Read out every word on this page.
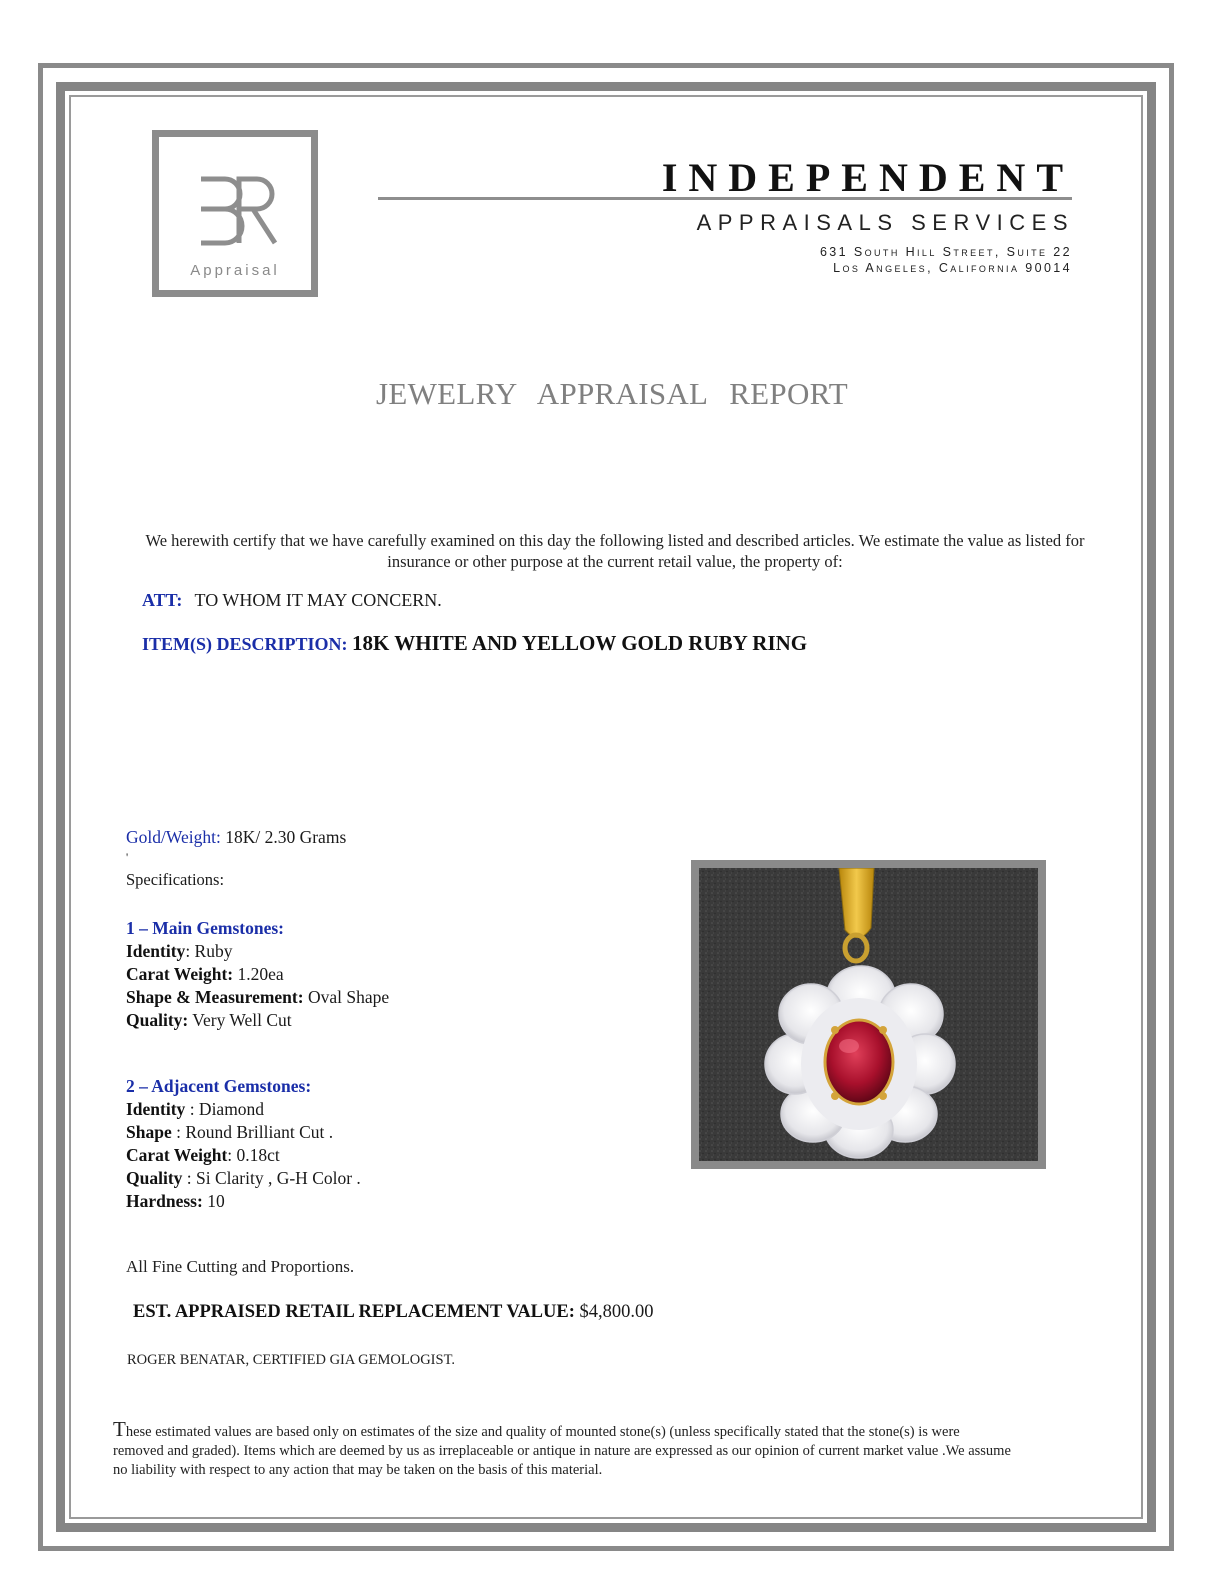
Appraisal
INDEPENDENT
APPRAISALS SERVICES
631 South Hill Street, Suite 22
Los Angeles, California 90014
JEWELRY APPRAISAL REPORT
We herewith certify that we have carefully examined on this day the following listed and described articles. We estimate the value as listed for insurance or other purpose at the current retail value, the property of:
ATT: TO WHOM IT MAY CONCERN.
ITEM(S) DESCRIPTION: 18K WHITE AND YELLOW GOLD RUBY RING
Gold/Weight: 18K/ 2.30 Grams
'
Specifications:
1 – Main Gemstones:
Identity: Ruby
Carat Weight: 1.20ea
Shape & Measurement: Oval Shape
Quality: Very Well Cut
2 – Adjacent Gemstones:
Identity : Diamond
Shape : Round Brilliant Cut .
Carat Weight: 0.18ct
Quality : Si Clarity , G-H Color .
Hardness: 10
All Fine Cutting and Proportions.
EST. APPRAISED RETAIL REPLACEMENT VALUE: $4,800.00
ROGER BENATAR, CERTIFIED GIA GEMOLOGIST.
These estimated values are based only on estimates of the size and quality of mounted stone(s) (unless specifically stated that the stone(s) is were removed and graded). Items which are deemed by us as irreplaceable or antique in nature are expressed as our opinion of current market value .We assume no liability with respect to any action that may be taken on the basis of this material.
